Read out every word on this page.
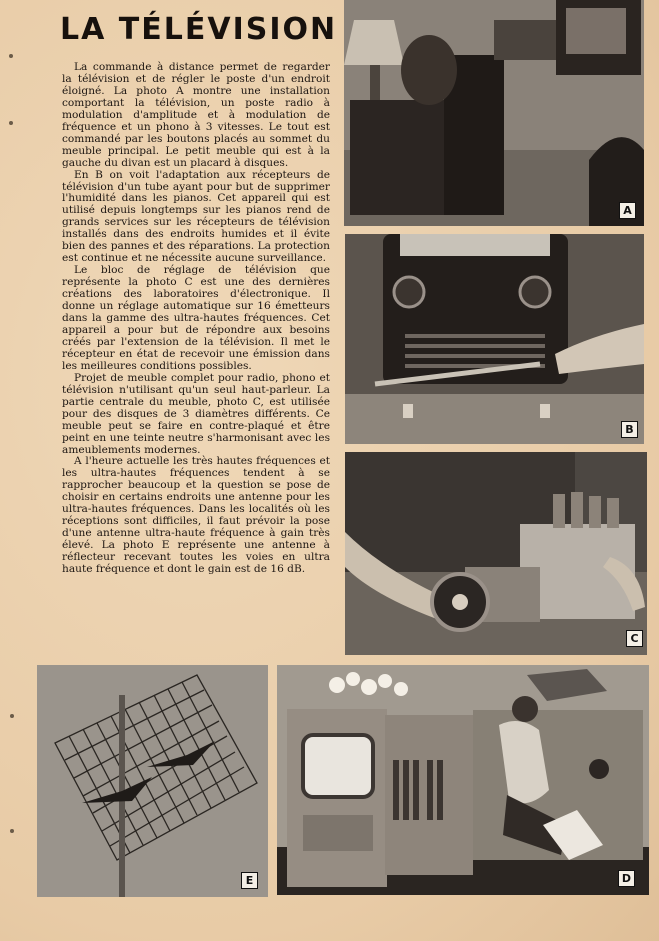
LA TÉLÉVISION

La commande à distance permet de regarder la télévision et de régler le poste d'un endroit éloigné. La photo A montre une installation comportant la télévision, un poste radio à modulation d'amplitude et à modulation de fréquence et un phono à 3 vitesses. Le tout est commandé par les boutons placés au sommet du meuble principal. Le petit meuble qui est à la gauche du divan est un placard à disques.

En B on voit l'adaptation aux récepteurs de télévision d'un tube ayant pour but de supprimer l'humidité dans les pianos. Cet appareil qui est utilisé depuis longtemps sur les pianos rend de grands services sur les récepteurs de télévision installés dans des endroits humides et il évite bien des pannes et des réparations. La protection est continue et ne nécessite aucune surveillance.

Le bloc de réglage de télévision que représente la photo C est une des dernières créations des laboratoires d'électronique. Il donne un réglage automatique sur 16 émetteurs dans la gamme des ultra-hautes fréquences. Cet appareil a pour but de répondre aux besoins créés par l'extension de la télévision. Il met le récepteur en état de recevoir une émission dans les meilleures conditions possibles.

Projet de meuble complet pour radio, phono et télévision n'utilisant qu'un seul haut-parleur. La partie centrale du meuble, photo C, est utilisée pour des disques de 3 diamètres différents. Ce meuble peut se faire en contre-plaqué et être peint en une teinte neutre s'harmonisant avec les ameublements modernes.

A l'heure actuelle les très hautes fréquences et les ultra-hautes fréquences tendent à se rapprocher beaucoup et la question se pose de choisir en certains endroits une antenne pour les ultra-hautes fréquences. Dans les localités où les réceptions sont difficiles, il faut prévoir la pose d'une antenne ultra-haute fréquence à gain très élevé. La photo E représente une antenne à réflecteur recevant toutes les voies en ultra haute fréquence et dont le gain est de 16 dB.

A
B
C
E	D
